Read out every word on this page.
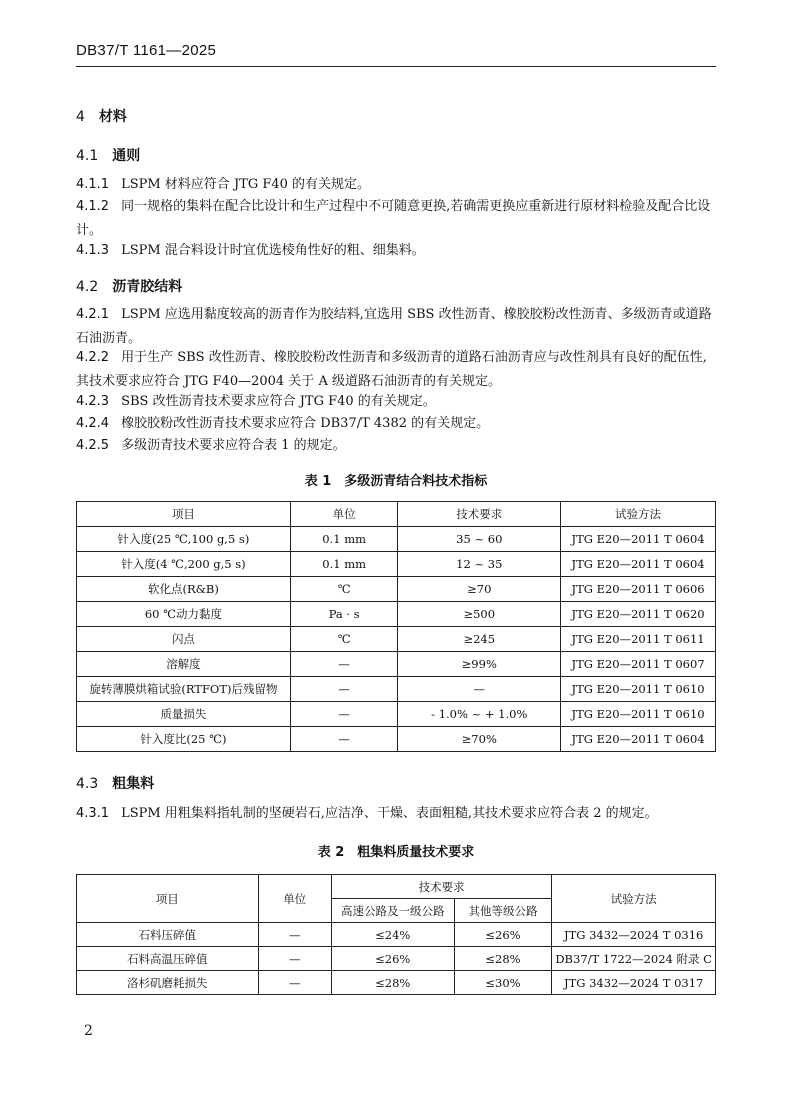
DB37/T 1161—2025
4 材料
4.1 通则
4.1.1 LSPM 材料应符合 JTG F40 的有关规定。
4.1.2 同一规格的集料在配合比设计和生产过程中不可随意更换,若确需更换应重新进行原材料检验及配合比设计。
4.1.3 LSPM 混合料设计时宜优选棱角性好的粗、细集料。
4.2 沥青胶结料
4.2.1 LSPM 应选用黏度较高的沥青作为胶结料,宜选用 SBS 改性沥青、橡胶胶粉改性沥青、多级沥青或道路石油沥青。
4.2.2 用于生产 SBS 改性沥青、橡胶胶粉改性沥青和多级沥青的道路石油沥青应与改性剂具有良好的配伍性,其技术要求应符合 JTG F40—2004 关于 A 级道路石油沥青的有关规定。
4.2.3 SBS 改性沥青技术要求应符合 JTG F40 的有关规定。
4.2.4 橡胶胶粉改性沥青技术要求应符合 DB37/T 4382 的有关规定。
4.2.5 多级沥青技术要求应符合表 1 的规定。
表 1　多级沥青结合料技术指标
项目	单位	技术要求	试验方法
针入度(25 ℃,100 g,5 s)	0.1 mm	35 ~ 60	JTG E20—2011 T 0604
针入度(4 ℃,200 g,5 s)	0.1 mm	12 ~ 35	JTG E20—2011 T 0604
软化点(R&B)	℃	≥70	JTG E20—2011 T 0606
60 ℃动力黏度	Pa · s	≥500	JTG E20—2011 T 0620
闪点	℃	≥245	JTG E20—2011 T 0611
溶解度	—	≥99%	JTG E20—2011 T 0607
旋转薄膜烘箱试验(RTFOT)后残留物	—	—	JTG E20—2011 T 0610
质量损失	—	- 1.0% ~ + 1.0%	JTG E20—2011 T 0610
针入度比(25 ℃)	—	≥70%	JTG E20—2011 T 0604
4.3 粗集料
4.3.1 LSPM 用粗集料指轧制的坚硬岩石,应洁净、干燥、表面粗糙,其技术要求应符合表 2 的规定。
表 2　粗集料质量技术要求
项目	单位	技术要求		试验方法
		高速公路及一级公路	其他等级公路	
石料压碎值	—	≤24%	≤26%	JTG 3432—2024 T 0316
石料高温压碎值	—	≤26%	≤28%	DB37/T 1722—2024 附录 C
洛杉矶磨耗损失	—	≤28%	≤30%	JTG 3432—2024 T 0317
2
